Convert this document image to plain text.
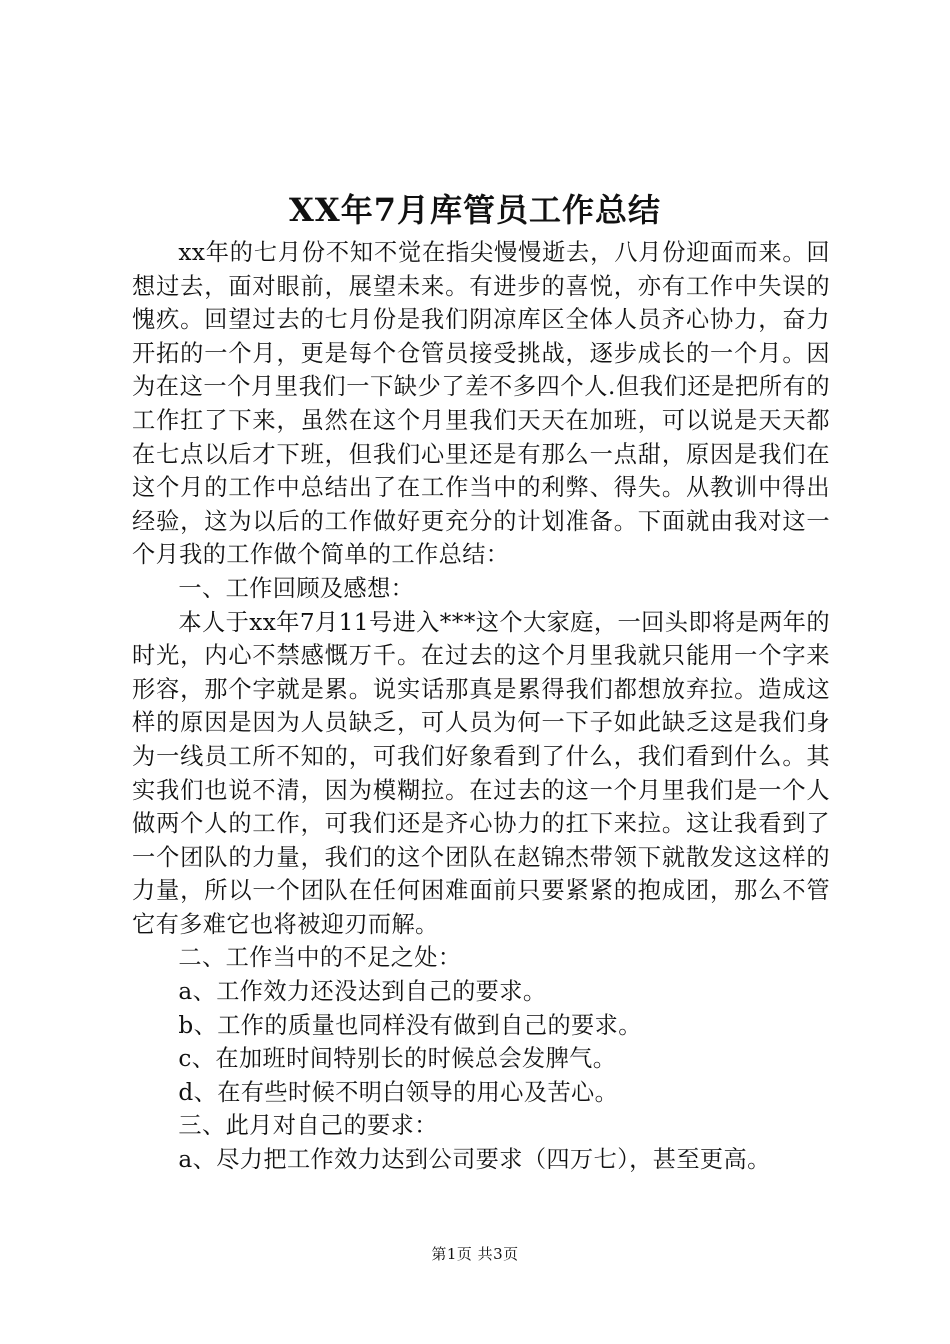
XX年7月库管员工作总结

xx年的七月份不知不觉在指尖慢慢逝去，八月份迎面而来。回想过去，面对眼前，展望未来。有进步的喜悦，亦有工作中失误的愧疚。回望过去的七月份是我们阴凉库区全体人员齐心协力，奋力开拓的一个月，更是每个仓管员接受挑战，逐步成长的一个月。因为在这一个月里我们一下缺少了差不多四个人.但我们还是把所有的工作扛了下来，虽然在这个月里我们天天在加班，可以说是天天都在七点以后才下班，但我们心里还是有那么一点甜，原因是我们在这个月的工作中总结出了在工作当中的利弊、得失。从教训中得出经验，这为以后的工作做好更充分的计划准备。下面就由我对这一个月我的工作做个简单的工作总结：

一、工作回顾及感想：

本人于xx年7月11号进入***这个大家庭，一回头即将是两年的时光，内心不禁感慨万千。在过去的这个月里我就只能用一个字来形容，那个字就是累。说实话那真是累得我们都想放弃拉。造成这样的原因是因为人员缺乏，可人员为何一下子如此缺乏这是我们身为一线员工所不知的，可我们好象看到了什么，我们看到什么。其实我们也说不清，因为模糊拉。在过去的这一个月里我们是一个人做两个人的工作，可我们还是齐心协力的扛下来拉。这让我看到了一个团队的力量，我们的这个团队在赵锦杰带领下就散发这这样的力量，所以一个团队在任何困难面前只要紧紧的抱成团，那么不管它有多难它也将被迎刃而解。

二、工作当中的不足之处：

a、工作效力还没达到自己的要求。

b、工作的质量也同样没有做到自己的要求。

c、在加班时间特别长的时候总会发脾气。

d、在有些时候不明白领导的用心及苦心。

三、此月对自己的要求：

a、尽力把工作效力达到公司要求（四万七），甚至更高。

第1页 共3页
